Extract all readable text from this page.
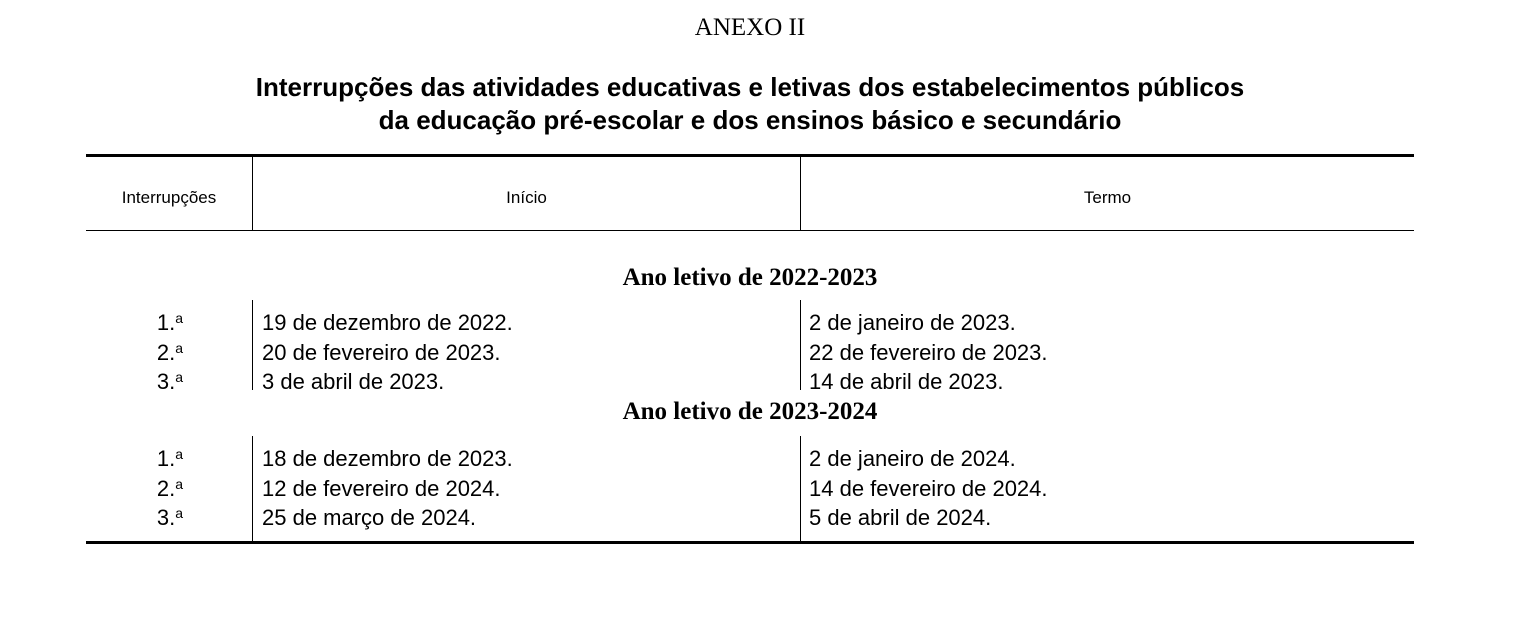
ANEXO II
Interrupções das atividades educativas e letivas dos estabelecimentos públicos
da educação pré-escolar e dos ensinos básico e secundário
Interrupções	Início	Termo
Ano letivo de 2022-2023
1.$^a$	19 de dezembro de 2022.	2 de janeiro de 2023.
2.$^a$	20 de fevereiro de 2023.	22 de fevereiro de 2023.
3.$^a$	3 de abril de 2023.	14 de abril de 2023.
Ano letivo de 2023-2024
1.$^a$	18 de dezembro de 2023.	2 de janeiro de 2024.
2.$^a$	12 de fevereiro de 2024.	14 de fevereiro de 2024.
3.$^a$	25 de março de 2024.	5 de abril de 2024.
